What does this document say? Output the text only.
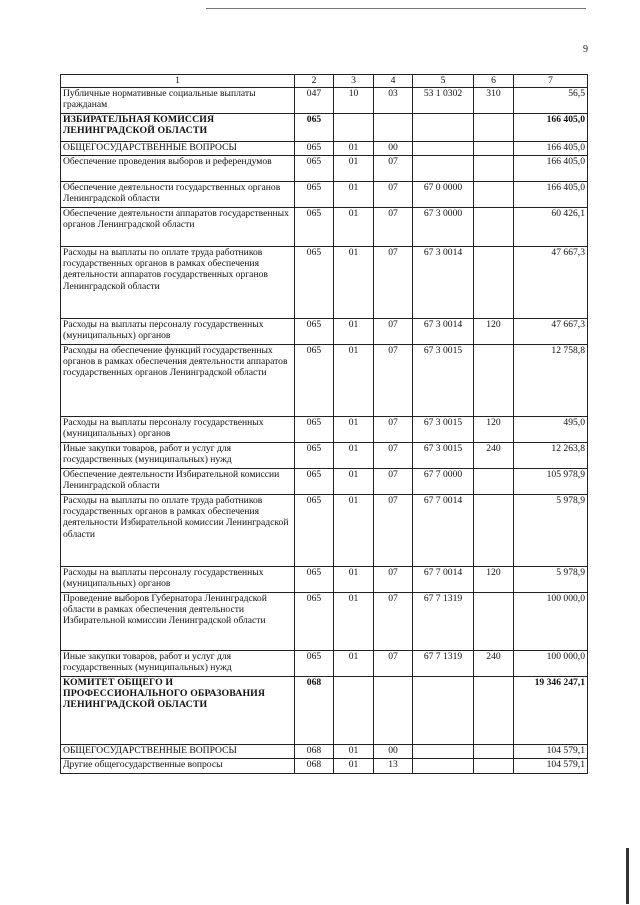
9
1	2	3	4	5	6	7
Публичные нормативные социальные выплаты гражданам	047	10	03	53 1 0302	310	56,5
ИЗБИРАТЕЛЬНАЯ КОМИССИЯ ЛЕНИНГРАДСКОЙ ОБЛАСТИ	065					166 405,0
ОБЩЕГОСУДАРСТВЕННЫЕ ВОПРОСЫ	065	01	00			166 405,0
Обеспечение проведения выборов и референдумов	065	01	07			166 405,0
Обеспечение деятельности государственных органов Ленинградской области	065	01	07	67 0 0000		166 405,0
Обеспечение деятельности аппаратов государственных органов Ленинградской области	065	01	07	67 3 0000		60 426,1
Расходы на выплаты по оплате труда работников государственных органов в рамках обеспечения деятельности аппаратов государственных органов Ленинградской области	065	01	07	67 3 0014		47 667,3
Расходы на выплаты персоналу государственных (муниципальных) органов	065	01	07	67 3 0014	120	47 667,3
Расходы на обеспечение функций государственных органов в рамках обеспечения деятельности аппаратов государственных органов Ленинградской области	065	01	07	67 3 0015		12 758,8
Расходы на выплаты персоналу государственных (муниципальных) органов	065	01	07	67 3 0015	120	495,0
Иные закупки товаров, работ и услуг для государственных (муниципальных) нужд	065	01	07	67 3 0015	240	12 263,8
Обеспечение деятельности Избирательной комиссии Ленинградской области	065	01	07	67 7 0000		105 978,9
Расходы на выплаты по оплате труда работников государственных органов в рамках обеспечения деятельности Избирательной комиссии Ленинградской области	065	01	07	67 7 0014		5 978,9
Расходы на выплаты персоналу государственных (муниципальных) органов	065	01	07	67 7 0014	120	5 978,9
Проведение выборов Губернатора Ленинградской области в рамках обеспечения деятельности Избирательной комиссии Ленинградской области	065	01	07	67 7 1319		100 000,0
Иные закупки товаров, работ и услуг для государственных (муниципальных) нужд	065	01	07	67 7 1319	240	100 000,0
КОМИТЕТ ОБЩЕГО И ПРОФЕССИОНАЛЬНОГО ОБРАЗОВАНИЯ ЛЕНИНГРАДСКОЙ ОБЛАСТИ	068					19 346 247,1
ОБЩЕГОСУДАРСТВЕННЫЕ ВОПРОСЫ	068	01	00			104 579,1
Другие общегосударственные вопросы	068	01	13			104 579,1
